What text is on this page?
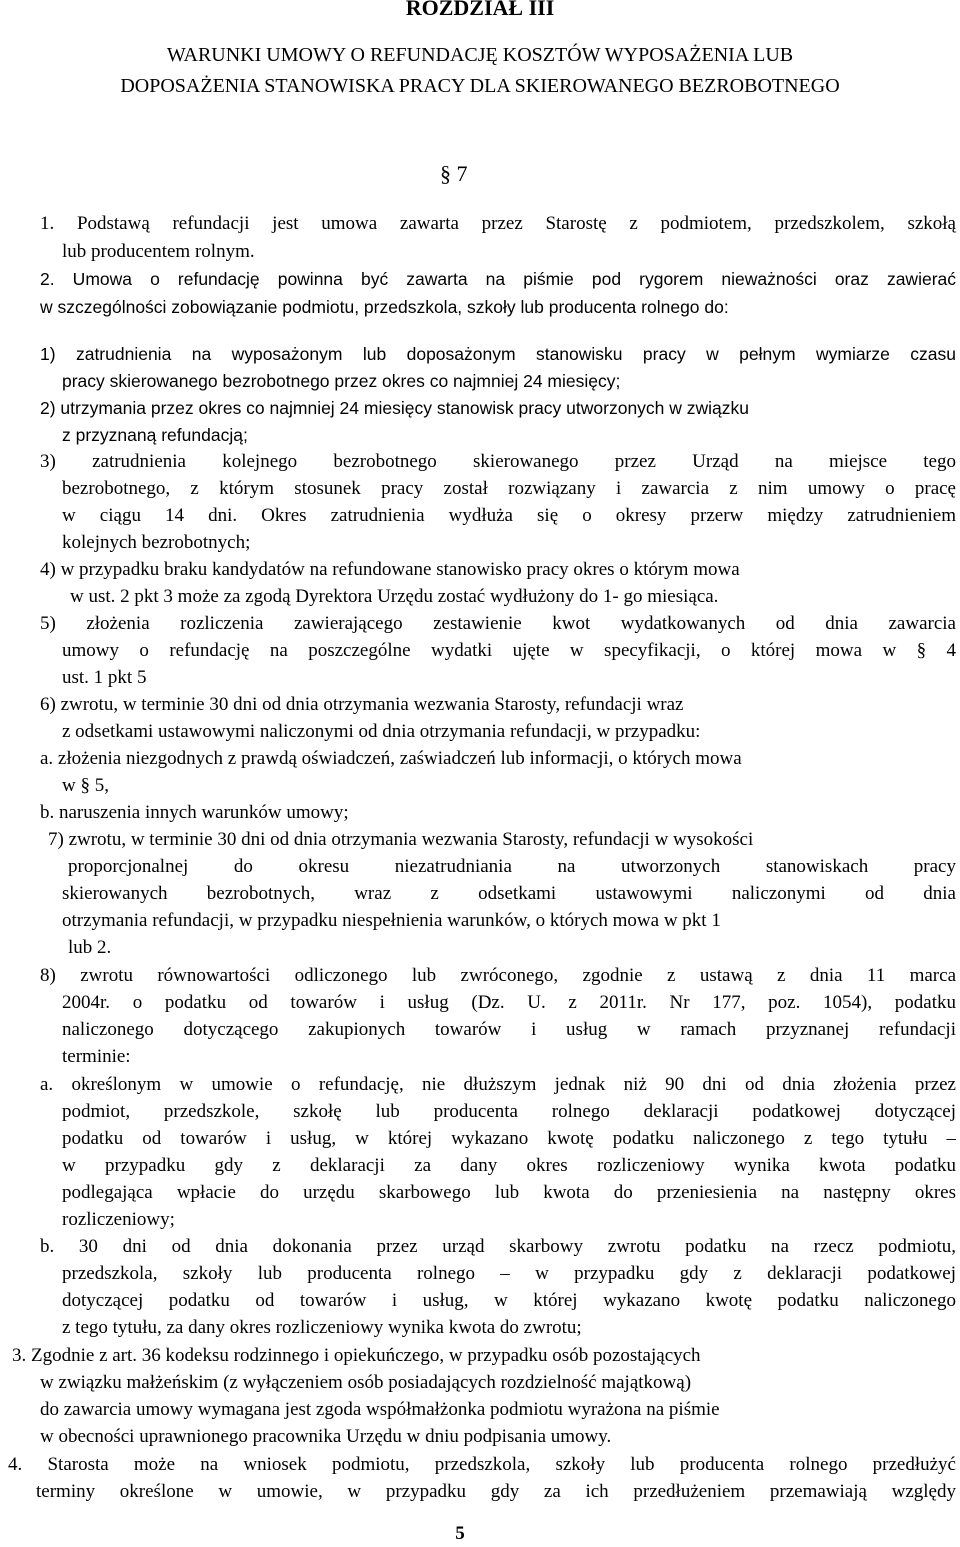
ROZDZIAŁ III
WARUNKI UMOWY O REFUNDACJĘ KOSZTÓW WYPOSAŻENIA LUB
DOPOSAŻENIA STANOWISKA PRACY DLA SKIEROWANEGO BEZROBOTNEGO
§ 7
1. Podstawą refundacji jest umowa zawarta przez Starostę z podmiotem, przedszkolem, szkołą
lub producentem rolnym.
2. Umowa o refundację powinna być zawarta na piśmie pod rygorem nieważności oraz zawierać
w szczególności zobowiązanie podmiotu, przedszkola, szkoły lub producenta rolnego do:
1) zatrudnienia na wyposażonym lub doposażonym stanowisku pracy w pełnym wymiarze czasu
pracy skierowanego bezrobotnego przez okres co najmniej 24 miesięcy;
2) utrzymania przez okres co najmniej 24 miesięcy stanowisk pracy utworzonych w związku
z przyznaną refundacją;
3) zatrudnienia kolejnego bezrobotnego skierowanego przez Urząd na miejsce tego
bezrobotnego, z którym stosunek pracy został rozwiązany i zawarcia z nim umowy o pracę
w ciągu 14 dni. Okres zatrudnienia wydłuża się o okresy przerw między zatrudnieniem
kolejnych bezrobotnych;
4) w przypadku braku kandydatów na refundowane stanowisko pracy okres o którym mowa
w ust. 2 pkt 3 może za zgodą Dyrektora Urzędu zostać wydłużony do 1- go miesiąca.
5) złożenia rozliczenia zawierającego zestawienie kwot wydatkowanych od dnia zawarcia
umowy o refundację na poszczególne wydatki ujęte w specyfikacji, o której mowa w § 4
ust. 1 pkt 5
6) zwrotu, w terminie 30 dni od dnia otrzymania wezwania Starosty, refundacji wraz
z odsetkami ustawowymi naliczonymi od dnia otrzymania refundacji, w przypadku:
a. złożenia niezgodnych z prawdą oświadczeń, zaświadczeń lub informacji, o których mowa
w § 5,
b. naruszenia innych warunków umowy;
7) zwrotu, w terminie 30 dni od dnia otrzymania wezwania Starosty, refundacji w wysokości
proporcjonalnej do okresu niezatrudniania na utworzonych stanowiskach pracy
skierowanych bezrobotnych, wraz z odsetkami ustawowymi naliczonymi od dnia
otrzymania refundacji, w przypadku niespełnienia warunków, o których mowa w pkt 1
lub 2.
8) zwrotu równowartości odliczonego lub zwróconego, zgodnie z ustawą z dnia 11 marca
2004r. o podatku od towarów i usług (Dz. U. z 2011r. Nr 177, poz. 1054), podatku
naliczonego dotyczącego zakupionych towarów i usług w ramach przyznanej refundacji
terminie:
a. określonym w umowie o refundację, nie dłuższym jednak niż 90 dni od dnia złożenia przez
podmiot, przedszkole, szkołę lub producenta rolnego deklaracji podatkowej dotyczącej
podatku od towarów i usług, w której wykazano kwotę podatku naliczonego z tego tytułu –
w przypadku gdy z deklaracji za dany okres rozliczeniowy wynika kwota podatku
podlegająca wpłacie do urzędu skarbowego lub kwota do przeniesienia na następny okres
rozliczeniowy;
b. 30 dni od dnia dokonania przez urząd skarbowy zwrotu podatku na rzecz podmiotu,
przedszkola, szkoły lub producenta rolnego – w przypadku gdy z deklaracji podatkowej
dotyczącej podatku od towarów i usług, w której wykazano kwotę podatku naliczonego
z tego tytułu, za dany okres rozliczeniowy wynika kwota do zwrotu;
3. Zgodnie z art. 36 kodeksu rodzinnego i opiekuńczego, w przypadku osób pozostających
w związku małżeńskim (z wyłączeniem osób posiadających rozdzielność majątkową)
do zawarcia umowy wymagana jest zgoda współmałżonka podmiotu wyrażona na piśmie
w obecności uprawnionego pracownika Urzędu w dniu podpisania umowy.
4. Starosta może na wniosek podmiotu, przedszkola, szkoły lub producenta rolnego przedłużyć
terminy określone w umowie, w przypadku gdy za ich przedłużeniem przemawiają względy
5
